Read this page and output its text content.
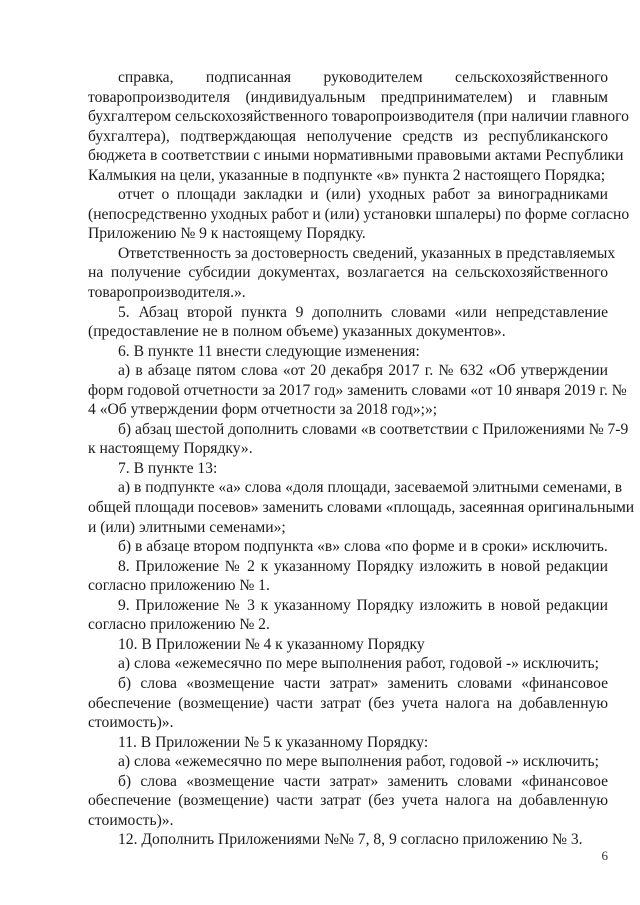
справка, подписанная руководителем сельскохозяйственного
товаропроизводителя (индивидуальным предпринимателем) и главным
бухгалтером сельскохозяйственного товаропроизводителя (при наличии главного
бухгалтера), подтверждающая неполучение средств из республиканского
бюджета в соответствии с иными нормативными правовыми актами Республики
Калмыкия на цели, указанные в подпункте «в» пункта 2 настоящего Порядка;
отчет о площади закладки и (или) уходных работ за виноградниками
(непосредственно уходных работ и (или) установки шпалеры) по форме согласно
Приложению № 9 к настоящему Порядку.
Ответственность за достоверность сведений, указанных в представляемых
на получение субсидии документах, возлагается на сельскохозяйственного
товаропроизводителя.».
5. Абзац второй пункта 9 дополнить словами «или непредставление
(предоставление не в полном объеме) указанных документов».
6. В пункте 11 внести следующие изменения:
а) в абзаце пятом слова «от 20 декабря 2017 г. № 632 «Об утверждении
форм годовой отчетности за 2017 год» заменить словами «от 10 января 2019 г. №
4 «Об утверждении форм отчетности за 2018 год»;»;
б) абзац шестой дополнить словами «в соответствии с Приложениями № 7-9
к настоящему Порядку».
7. В пункте 13:
а) в подпункте «а» слова «доля площади, засеваемой элитными семенами, в
общей площади посевов» заменить словами «площадь, засеянная оригинальными
и (или) элитными семенами»;
б) в абзаце втором подпункта «в» слова «по форме и в сроки» исключить.
8. Приложение № 2 к указанному Порядку изложить в новой редакции
согласно приложению № 1.
9. Приложение № 3 к указанному Порядку изложить в новой редакции
согласно приложению № 2.
10. В Приложении № 4 к указанному Порядку
а) слова «ежемесячно по мере выполнения работ, годовой -» исключить;
б) слова «возмещение части затрат» заменить словами «финансовое
обеспечение (возмещение) части затрат (без учета налога на добавленную
стоимость)».
11. В Приложении № 5 к указанному Порядку:
а) слова «ежемесячно по мере выполнения работ, годовой -» исключить;
б) слова «возмещение части затрат» заменить словами «финансовое
обеспечение (возмещение) части затрат (без учета налога на добавленную
стоимость)».
12. Дополнить Приложениями №№ 7, 8, 9 согласно приложению № 3.
6
